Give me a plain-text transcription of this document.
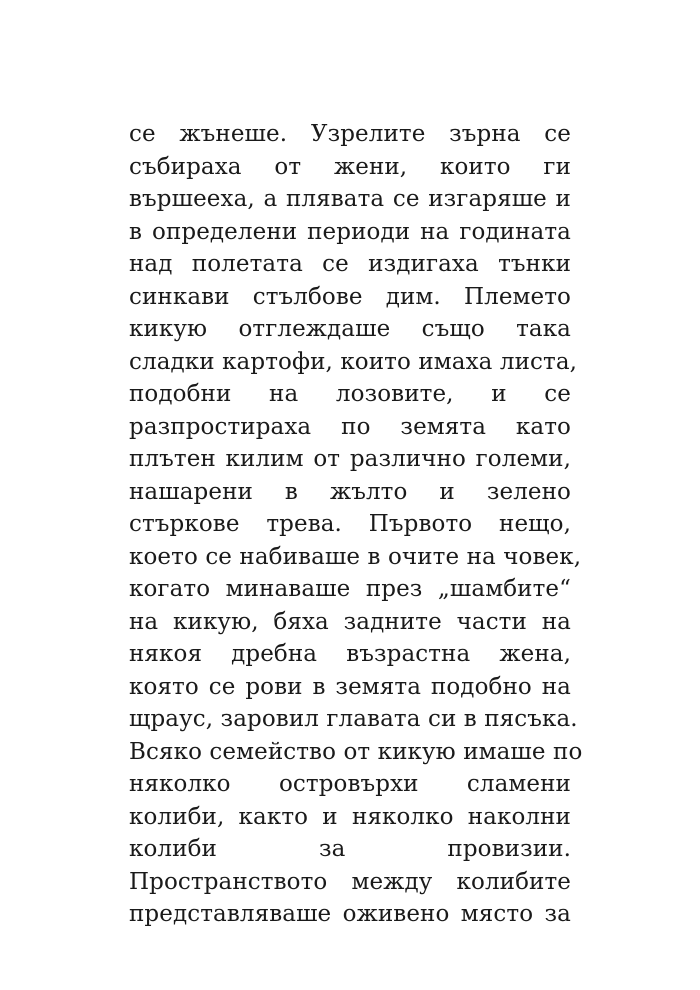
се жънеше. Узрелите зърна се
събираха от жени, които ги
вършееха, а плявата се изгаряше и
в определени периоди на годината
над полетата се издигаха тънки
синкави стълбове дим. Племето
кикую отглеждаше също така
сладки картофи, които имаха листа,
подобни на лозовите, и се
разпростираха по земята като
плътен килим от различно големи,
нашарени в жълто и зелено
стъркове трева. Първото нещо,
което се набиваше в очите на човек,
когато минаваше през „шамбите“
на кикую, бяха задните части на
някоя дребна възрастна жена,
която се рови в земята подобно на
щраус, заровил главата си в пясъка.
Всяко семейство от кикую имаше по
няколко островърхи сламени
колиби, както и няколко наколни
колиби за провизии.
Пространството между колибите
представляваше оживено място за
